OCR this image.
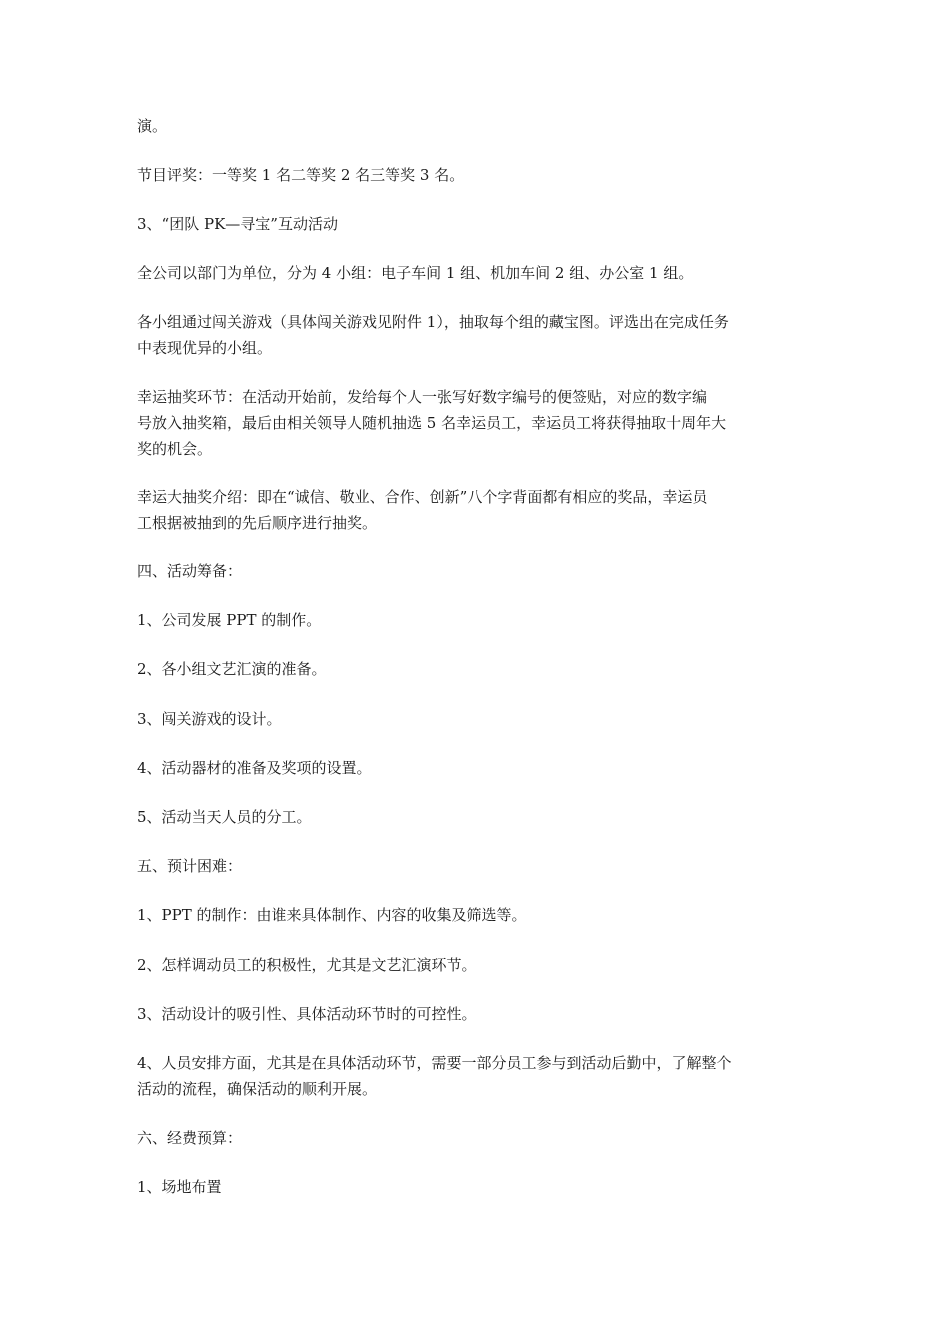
演。

节目评奖：一等奖 1 名二等奖 2 名三等奖 3 名。

3、“团队 PK—寻宝”互动活动

全公司以部门为单位，分为 4 小组：电子车间 1 组、机加车间 2 组、办公室 1 组。

各小组通过闯关游戏（具体闯关游戏见附件 1），抽取每个组的藏宝图。评选出在完成任务
中表现优异的小组。

幸运抽奖环节：在活动开始前，发给每个人一张写好数字编号的便签贴，对应的数字编
号放入抽奖箱，最后由相关领导人随机抽选 5 名幸运员工，幸运员工将获得抽取十周年大
奖的机会。

幸运大抽奖介绍：即在“诚信、敬业、合作、创新”八个字背面都有相应的奖品，幸运员
工根据被抽到的先后顺序进行抽奖。

四、活动筹备：

1、公司发展 PPT 的制作。

2、各小组文艺汇演的准备。

3、闯关游戏的设计。

4、活动器材的准备及奖项的设置。

5、活动当天人员的分工。

五、预计困难：

1、PPT 的制作：由谁来具体制作、内容的收集及筛选等。

2、怎样调动员工的积极性，尤其是文艺汇演环节。

3、活动设计的吸引性、具体活动环节时的可控性。

4、人员安排方面，尤其是在具体活动环节，需要一部分员工参与到活动后勤中，了解整个
活动的流程，确保活动的顺利开展。

六、经费预算：

1、场地布置
